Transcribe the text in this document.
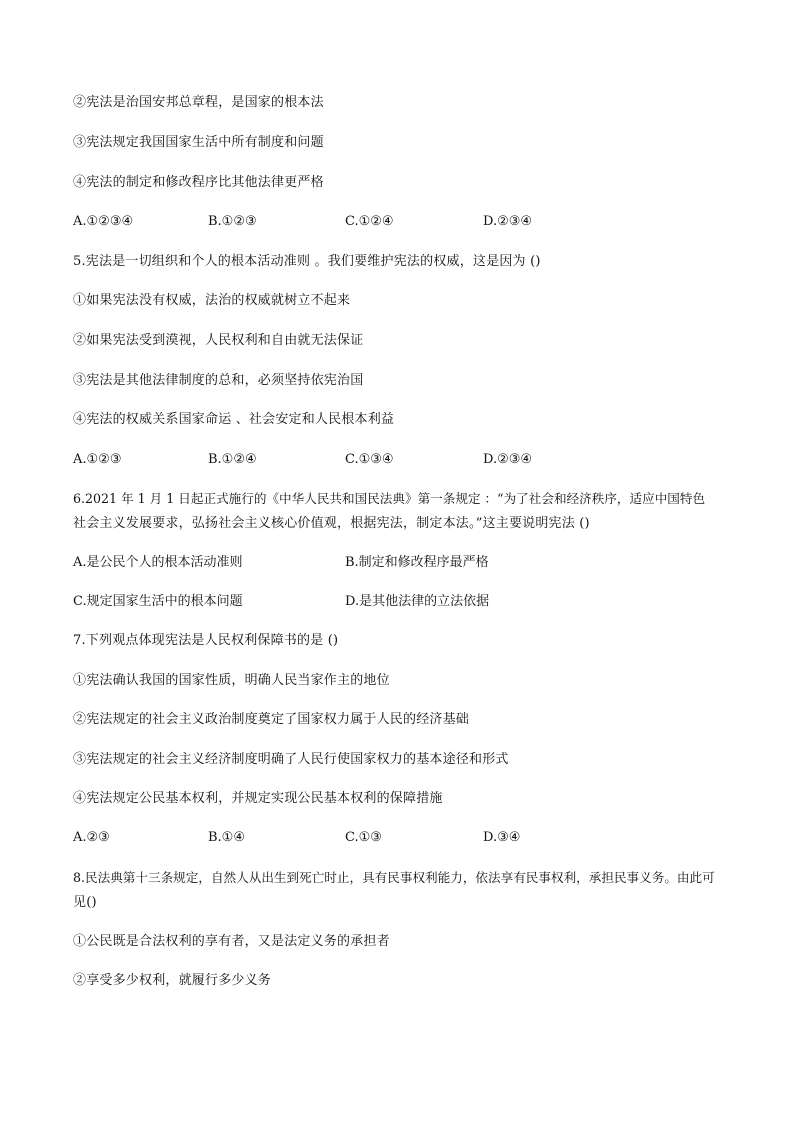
②宪法是治国安邦总章程，是国家的根本法
③宪法规定我国国家生活中所有制度和问题
④宪法的制定和修改程序比其他法律更严格
A.①②③④	B.①②③	C.①②④	D.②③④
5.宪法是一切组织和个人的根本活动准则 。我们要维护宪法的权威，这是因为 ()
①如果宪法没有权威，法治的权威就树立不起来
②如果宪法受到漠视，人民权利和自由就无法保证
③宪法是其他法律制度的总和，必须坚持依宪治国
④宪法的权威关系国家命运 、社会安定和人民根本利益
A.①②③	B.①②④	C.①③④	D.②③④
6.2021 年 1 月 1 日起正式施行的《中华人民共和国民法典》第一条规定 ：“为了社会和经济秩序，适应中国特色
社会主义发展要求，弘扬社会主义核心价值观，根据宪法，制定本法。”这主要说明宪法 ()
A.是公民个人的根本活动准则	B.制定和修改程序最严格
C.规定国家生活中的根本问题	D.是其他法律的立法依据
7.下列观点体现宪法是人民权利保障书的是 ()
①宪法确认我国的国家性质，明确人民当家作主的地位
②宪法规定的社会主义政治制度奠定了国家权力属于人民的经济基础
③宪法规定的社会主义经济制度明确了人民行使国家权力的基本途径和形式
④宪法规定公民基本权利，并规定实现公民基本权利的保障措施
A.②③	B.①④	C.①③	D.③④
8.民法典第十三条规定，自然人从出生到死亡时止，具有民事权利能力，依法享有民事权利，承担民事义务。由此可
见()
①公民既是合法权利的享有者，又是法定义务的承担者
②享受多少权利，就履行多少义务
